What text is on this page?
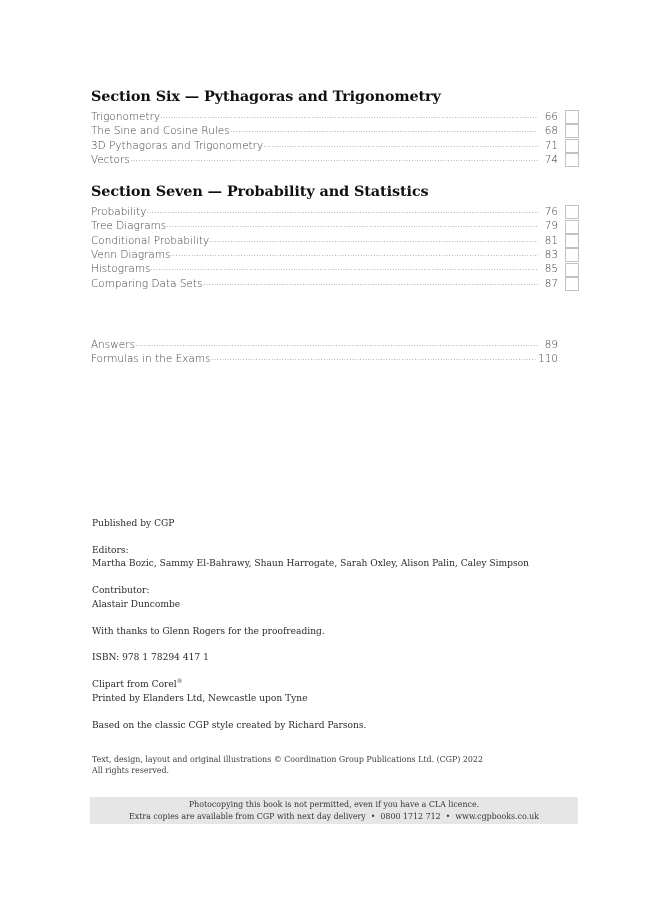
Section Six — Pythagoras and Trigonometry
Trigonometry	66
The Sine and Cosine Rules	68
3D Pythagoras and Trigonometry	71
Vectors	74
Section Seven — Probability and Statistics
Probability	76
Tree Diagrams	79
Conditional Probability	81
Venn Diagrams	83
Histograms	85
Comparing Data Sets	87
Answers	89
Formulas in the Exams	110

Published by CGP

Editors:

Martha Bozic, Sammy El-Bahrawy, Shaun Harrogate, Sarah Oxley, Alison Palin, Caley Simpson

Contributor:

Alastair Duncombe

With thanks to Glenn Rogers for the proofreading.

ISBN: 978 1 78294 417 1

Clipart from Corel®

Printed by Elanders Ltd, Newcastle upon Tyne

Based on the classic CGP style created by Richard Parsons.

Text, design, layout and original illustrations © Coordination Group Publications Ltd. (CGP) 2022
All rights reserved.
Photocopying this book is not permitted, even if you have a CLA licence.
Extra copies are available from CGP with next day delivery • 0800 1712 712 • www.cgpbooks.co.uk
